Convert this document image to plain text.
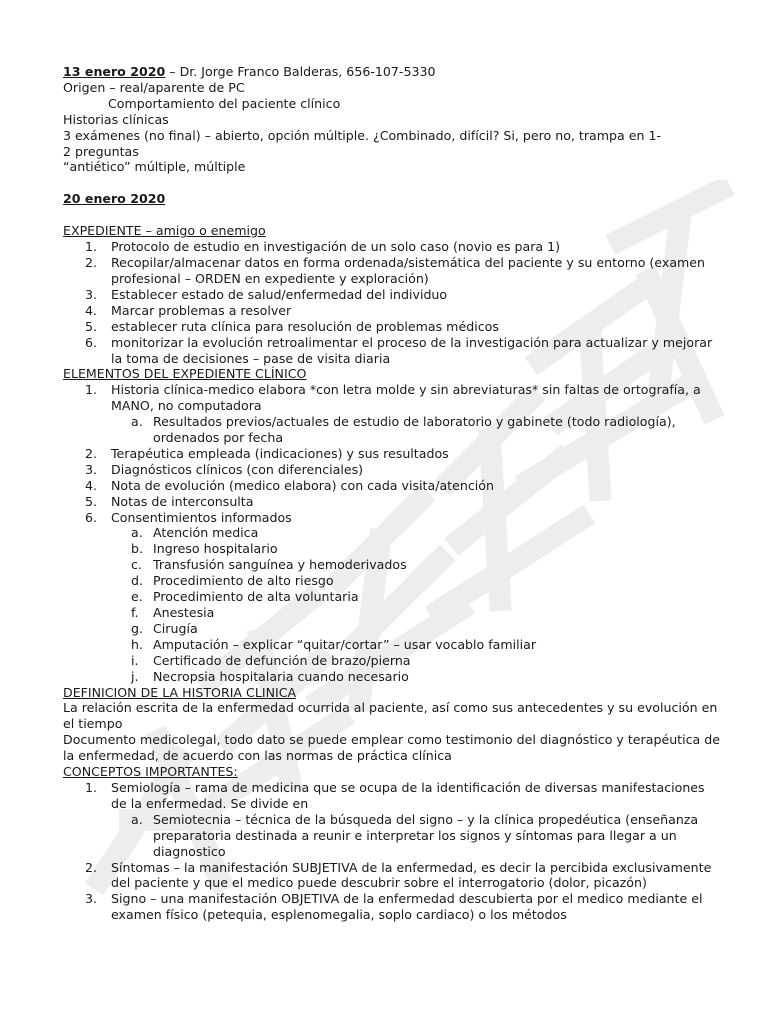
13 enero 2020 – Dr. Jorge Franco Balderas, 656-107-5330
Origen – real/aparente de PC
Comportamiento del paciente clínico
Historias clínicas
3 exámenes (no final) – abierto, opción múltiple. ¿Combinado, difícil? Si, pero no, trampa en 1-
2 preguntas
“antiético” múltiple, múltiple
20 enero 2020
EXPEDIENTE – amigo o enemigo
1.	Protocolo de estudio en investigación de un solo caso (novio es para 1)
2.	Recopilar/almacenar datos en forma ordenada/sistemática del paciente y su entorno (examen profesional – ORDEN en expediente y exploración)
3.	Establecer estado de salud/enfermedad del individuo
4.	Marcar problemas a resolver
5.	establecer ruta clínica para resolución de problemas médicos
6.	monitorizar la evolución retroalimentar el proceso de la investigación para actualizar y mejorar la toma de decisiones – pase de visita diaria
ELEMENTOS DEL EXPEDIENTE CLÍNICO
1.	Historia clínica-medico elabora *con letra molde y sin abreviaturas* sin faltas de ortografía, a MANO, no computadora
a. Resultados previos/actuales de estudio de laboratorio y gabinete (todo radiología), ordenados por fecha
2.	Terapéutica empleada (indicaciones) y sus resultados
3.	Diagnósticos clínicos (con diferenciales)
4.	Nota de evolución (medico elabora) con cada visita/atención
5.	Notas de interconsulta
6.	Consentimientos informados
a. Atención medica
b. Ingreso hospitalario
c. Transfusión sanguínea y hemoderivados
d. Procedimiento de alto riesgo
e. Procedimiento de alta voluntaria
f.	Anestesia
g. Cirugía
h. Amputación – explicar “quitar/cortar” – usar vocablo familiar
i.	Certificado de defunción de brazo/pierna
j.	Necropsia hospitalaria cuando necesario
DEFINICION DE LA HISTORIA CLINICA
La relación escrita de la enfermedad ocurrida al paciente, así como sus antecedentes y su evolución en el tiempo
Documento medicolegal, todo dato se puede emplear como testimonio del diagnóstico y terapéutica de la enfermedad, de acuerdo con las normas de práctica clínica
CONCEPTOS IMPORTANTES:
1.	Semiología – rama de medicina que se ocupa de la identificación de diversas manifestaciones de la enfermedad. Se divide en
a. Semiotecnia – técnica de la búsqueda del signo – y la clínica propedéutica (enseñanza preparatoria destinada a reunir e interpretar los signos y síntomas para llegar a un diagnostico
2.	Síntomas – la manifestación SUBJETIVA de la enfermedad, es decir la percibida exclusivamente del paciente y que el medico puede descubrir sobre el interrogatorio (dolor, picazón)
3.	Signo – una manifestación OBJETIVA de la enfermedad descubierta por el medico mediante el examen físico (petequia, esplenomegalia, soplo cardiaco) o los métodos
